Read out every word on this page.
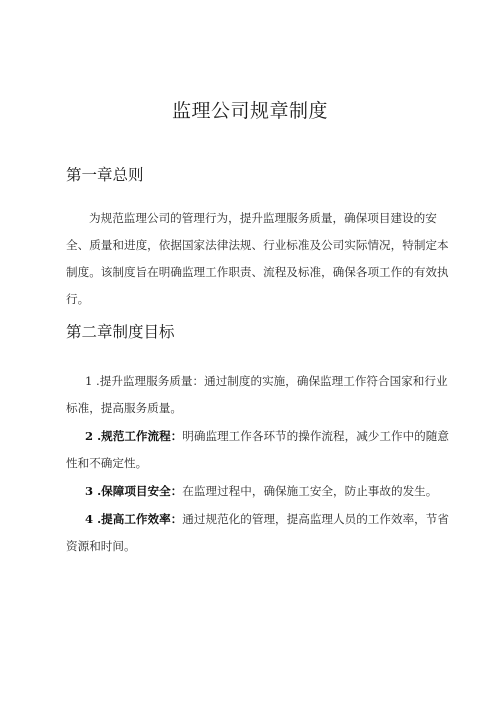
监理公司规章制度
第一章总则

为规范监理公司的管理行为，提升监理服务质量，确保项目建设的安全、质量和进度，依据国家法律法规、行业标准及公司实际情况，特制定本制度。该制度旨在明确监理工作职责、流程及标准，确保各项工作的有效执行。

第二章制度目标

1 .提升监理服务质量：通过制度的实施，确保监理工作符合国家和行业标准，提高服务质量。

2 .规范工作流程：明确监理工作各环节的操作流程，减少工作中的随意性和不确定性。

3 .保障项目安全：在监理过程中，确保施工安全，防止事故的发生。

4 .提高工作效率：通过规范化的管理，提高监理人员的工作效率，节省资源和时间。
